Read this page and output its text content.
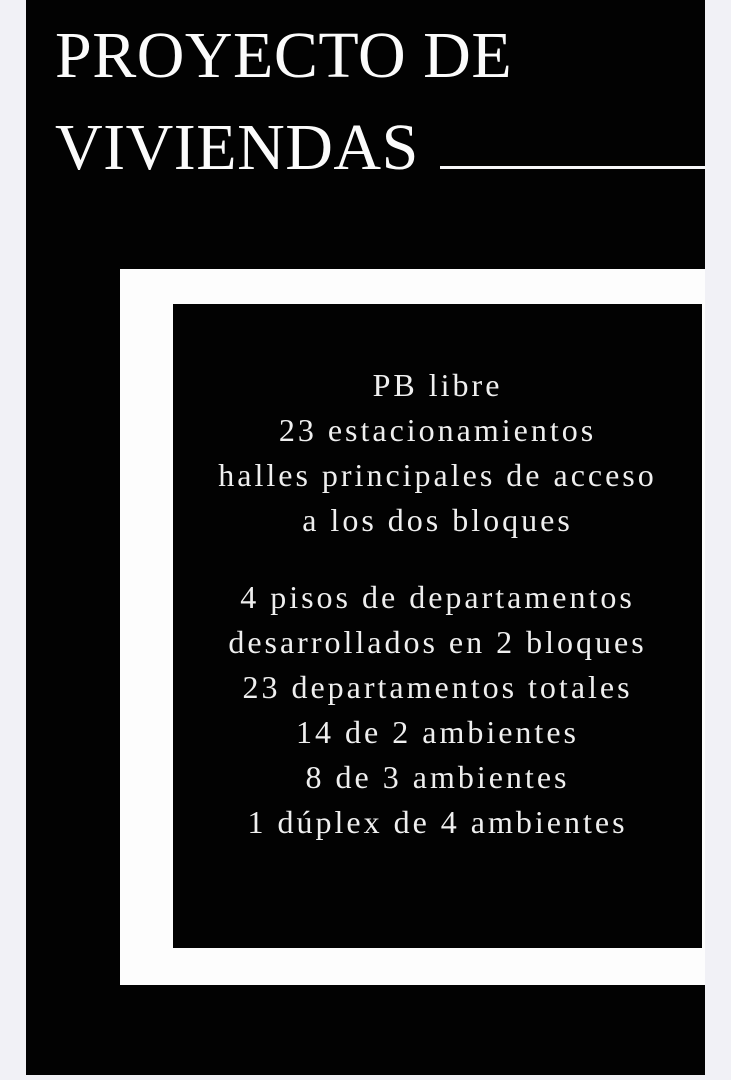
PROYECTO DE
VIVIENDAS
PB libre
23 estacionamientos
halles principales de acceso
a los dos bloques
4 pisos de departamentos
desarrollados en 2 bloques
23 departamentos totales
14 de 2 ambientes
8 de 3 ambientes
1 dúplex de 4 ambientes
